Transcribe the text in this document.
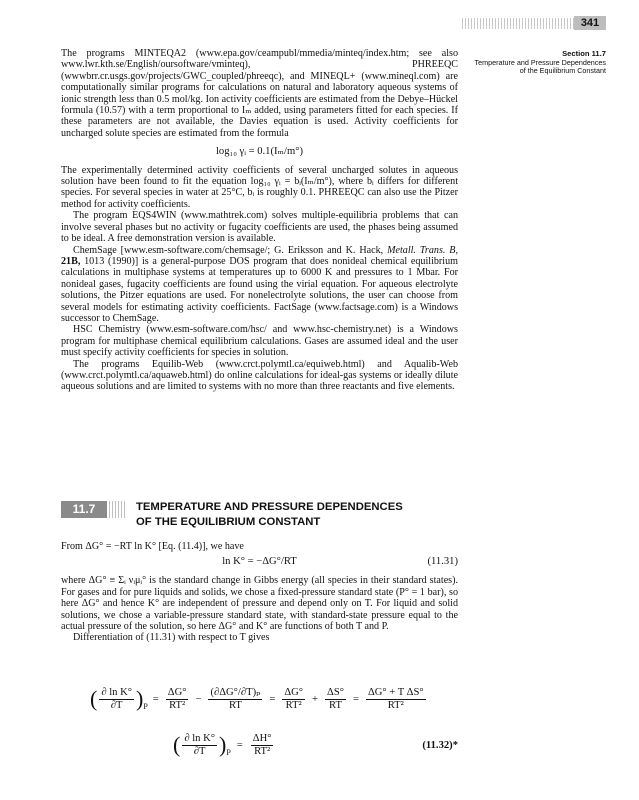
341
Section 11.7
Temperature and Pressure Dependences
of the Equilibrium Constant

The programs MINTEQA2 (www.epa.gov/ceampubl/mmedia/minteq/index.htm; see also www.lwr.kth.se/English/oursoftware/vminteq), PHREEQC (wwwbrr.cr.usgs.gov/projects/GWC_coupled/phreeqc), and MINEQL+ (www.mineql.com) are computationally similar programs for calculations on natural and laboratory aqueous systems of ionic strength less than 0.5 mol/kg. Ion activity coefficients are estimated from the Debye–Hückel formula (10.57) with a term proportional to Iₘ added, using parameters fitted for each species. If these parameters are not available, the Davies equation is used. Activity coefficients for uncharged solute species are estimated from the formula

log₁₀ γᵢ = 0.1(Iₘ/m°)

The experimentally determined activity coefficients of several uncharged solutes in aqueous solution have been found to fit the equation log₁₀ γᵢ = bᵢ(Iₘ/m°), where bᵢ differs for different species. For several species in water at 25°C, bᵢ is roughly 0.1. PHREEQC can also use the Pitzer method for activity coefficients.

The program EQS4WIN (www.mathtrek.com) solves multiple-equilibria problems that can involve several phases but no activity or fugacity coefficients are used, the phases being assumed to be ideal. A free demonstration version is available.

ChemSage [www.esm-software.com/chemsage/; G. Eriksson and K. Hack, Metall. Trans. B, 21B, 1013 (1990)] is a general-purpose DOS program that does nonideal chemical equilibrium calculations in multiphase systems at temperatures up to 6000 K and pressures to 1 Mbar. For nonideal gases, fugacity coefficients are found using the virial equation. For aqueous electrolyte solutions, the Pitzer equations are used. For nonelectrolyte solutions, the user can choose from several models for estimating activity coefficients. FactSage (www.factsage.com) is a Windows successor to ChemSage.

HSC Chemistry (www.esm-software.com/hsc/ and www.hsc-chemistry.net) is a Windows program for multiphase chemical equilibrium calculations. Gases are assumed ideal and the user must specify activity coefficients for species in solution.

The programs Equilib-Web (www.crct.polymtl.ca/equiweb.html) and Aqualib-Web (www.crct.polymtl.ca/aquaweb.html) do online calculations for ideal-gas systems or ideally dilute aqueous solutions and are limited to systems with no more than three reactants and five elements.

11.7	TEMPERATURE AND PRESSURE DEPENDENCES
OF THE EQUILIBRIUM CONSTANT

From ΔG° = −RT ln K° [Eq. (11.4)], we have

ln K° = −ΔG°/RT	(11.31)

where ΔG° ≡ Σᵢ νᵢμᵢ° is the standard change in Gibbs energy (all species in their standard states). For gases and for pure liquids and solids, we chose a fixed-pressure standard state (P° = 1 bar), so here ΔG° and hence K° are independent of pressure and depend only on T. For liquid and solid solutions, we chose a variable-pressure standard state, with standard-state pressure equal to the actual pressure of the solution, so here ΔG° and K° are functions of both T and P.

Differentiation of (11.31) with respect to T gives

( $\frac{\text{∂ ln K°}}{\partial T} )_P$
= $\frac{\Delta G^\circ}{\text{RT²}} - \frac{\text{(∂ΔG°/∂T)ₚ}}{RT} = \frac{\Delta G^\circ}{\text{RT²}} + \frac{\Delta S^\circ}{RT} = \frac{\text{ΔG° + T ΔS°}}{\text{RT²}}$
( $\frac{\text{∂ ln K°}}{\partial T} )_P$
= $\frac{\Delta H^\circ}{\text{RT²}}$	(11.32)*
